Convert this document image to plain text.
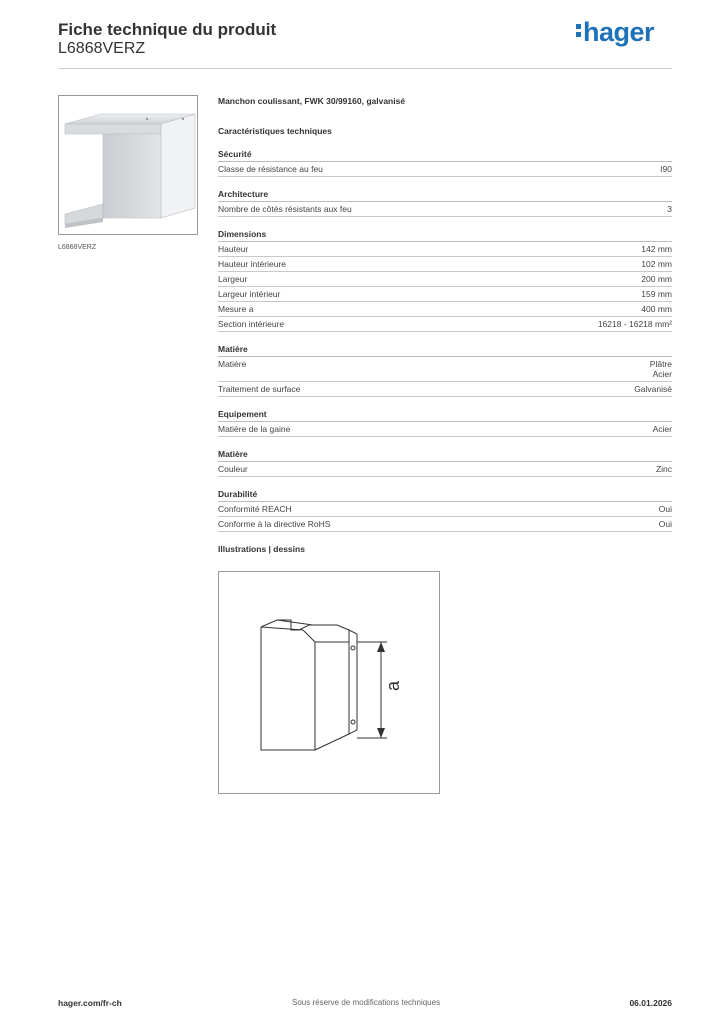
Fiche technique du produit
L6868VERZ
hager
L6868VERZ
Manchon coulissant, FWK 30/99160, galvanisé
Caractéristiques techniques
Sécurité
Classe de résistance au feu	I90
Architecture
Nombre de côtés résistants aux feu	3
Dimensions
Hauteur	142 mm
Hauteur intérieure	102 mm
Largeur	200 mm
Largeur intérieur	159 mm
Mesure a	400 mm
Section intérieure	16218 - 16218 mm²
Matière
Matière	Plâtre
Acier
Traitement de surface	Galvanisé
Equipement
Matière de la gaine	Acier
Matière
Couleur	Zinc
Durabilité
Conformité REACH	Oui
Conforme à la directive RoHS	Oui
Illustrations | dessins
a
hager.com/fr-ch	Sous réserve de modifications techniques	06.01.2026
